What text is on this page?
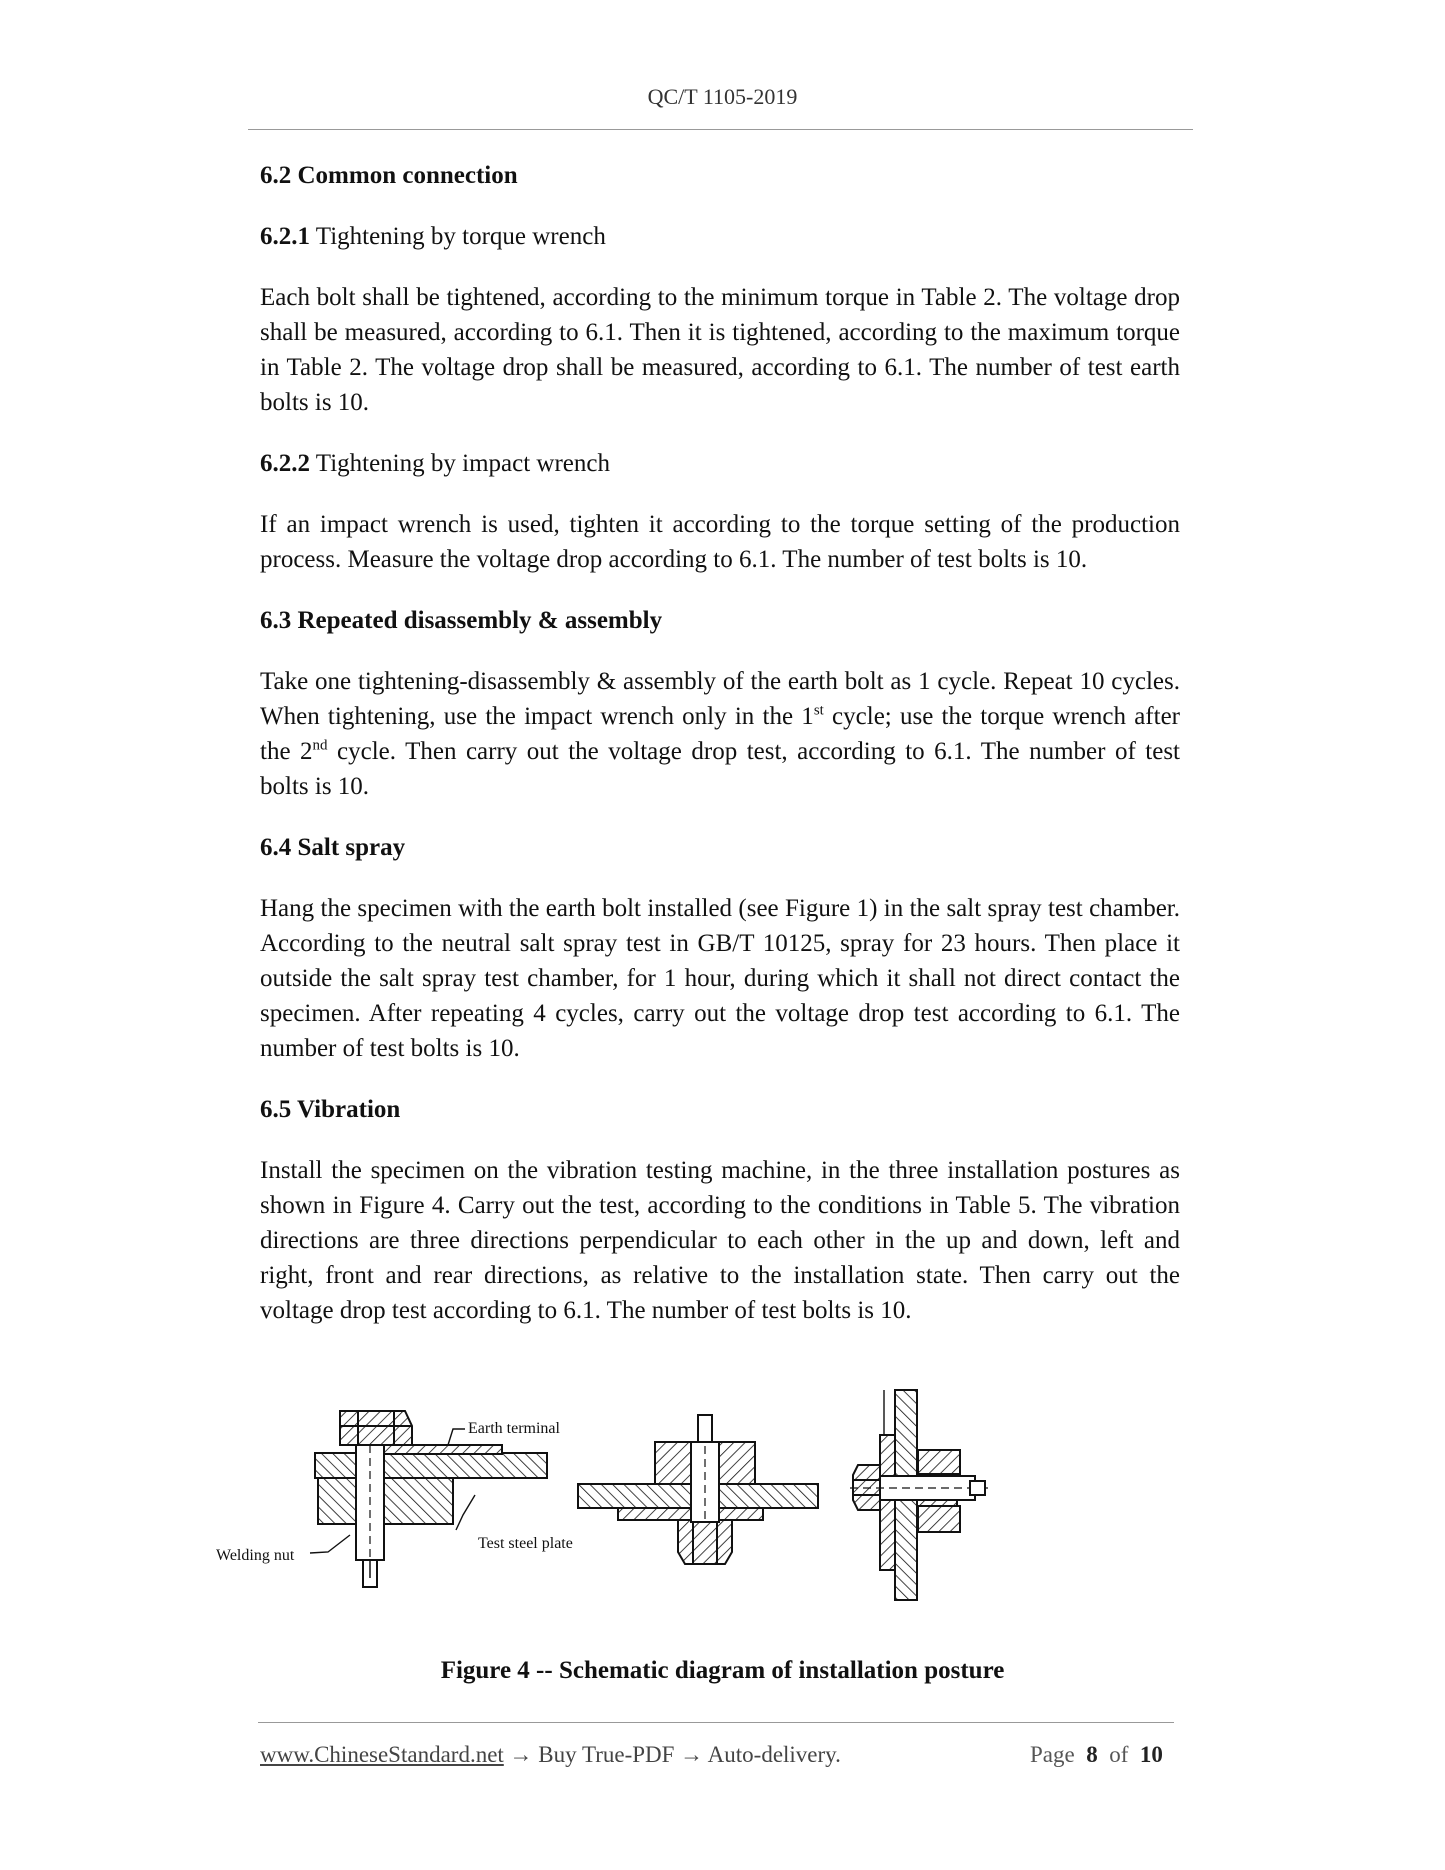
QC/T 1105-2019

6.2 Common connection

6.2.1 Tightening by torque wrench

Each bolt shall be tightened, according to the minimum torque in Table 2. The voltage drop shall be measured, according to 6.1. Then it is tightened, according to the maximum torque in Table 2. The voltage drop shall be measured, according to 6.1. The number of test earth bolts is 10.

6.2.2 Tightening by impact wrench

If an impact wrench is used, tighten it according to the torque setting of the production process. Measure the voltage drop according to 6.1. The number of test bolts is 10.

6.3 Repeated disassembly & assembly

Take one tightening-disassembly & assembly of the earth bolt as 1 cycle. Repeat 10 cycles. When tightening, use the impact wrench only in the 1st cycle; use the torque wrench after the 2nd cycle. Then carry out the voltage drop test, according to 6.1. The number of test bolts is 10.

6.4 Salt spray

Hang the specimen with the earth bolt installed (see Figure 1) in the salt spray test chamber. According to the neutral salt spray test in GB/T 10125, spray for 23 hours. Then place it outside the salt spray test chamber, for 1 hour, during which it shall not direct contact the specimen. After repeating 4 cycles, carry out the voltage drop test according to 6.1. The number of test bolts is 10.

6.5 Vibration

Install the specimen on the vibration testing machine, in the three installation postures as shown in Figure 4. Carry out the test, according to the conditions in Table 5. The vibration directions are three directions perpendicular to each other in the up and down, left and right, front and rear directions, as relative to the installation state. Then carry out the voltage drop test according to 6.1. The number of test bolts is 10.

Earth terminal
Test steel plate
Welding nut
Figure 4 -- Schematic diagram of installation posture
www.ChineseStandard.net → Buy True-PDF → Auto-delivery.	Page 8 of 10
